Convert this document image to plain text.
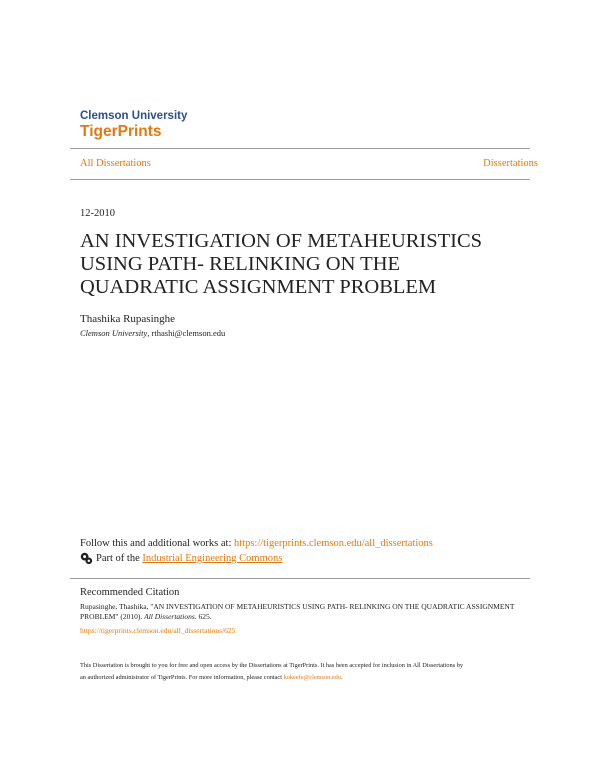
Clemson University
TigerPrints
All Dissertations	Dissertations
12-2010
AN INVESTIGATION OF METAHEURISTICS
USING PATH- RELINKING ON THE
QUADRATIC ASSIGNMENT PROBLEM
Thashika Rupasinghe
Clemson University, rthashi@clemson.edu
Follow this and additional works at: https://tigerprints.clemson.edu/all_dissertations
Part of the
Industrial Engineering Commons
Recommended Citation
Rupasinghe, Thashika, "AN INVESTIGATION OF METAHEURISTICS USING PATH- RELINKING ON THE QUADRATIC ASSIGNMENT PROBLEM" (2010). All Dissertations. 625.
https://tigerprints.clemson.edu/all_dissertations/625
This Dissertation is brought to you for free and open access by the Dissertations at TigerPrints. It has been accepted for inclusion in All Dissertations by
an authorized administrator of TigerPrints. For more information, please contact kokeefe@clemson.edu.
